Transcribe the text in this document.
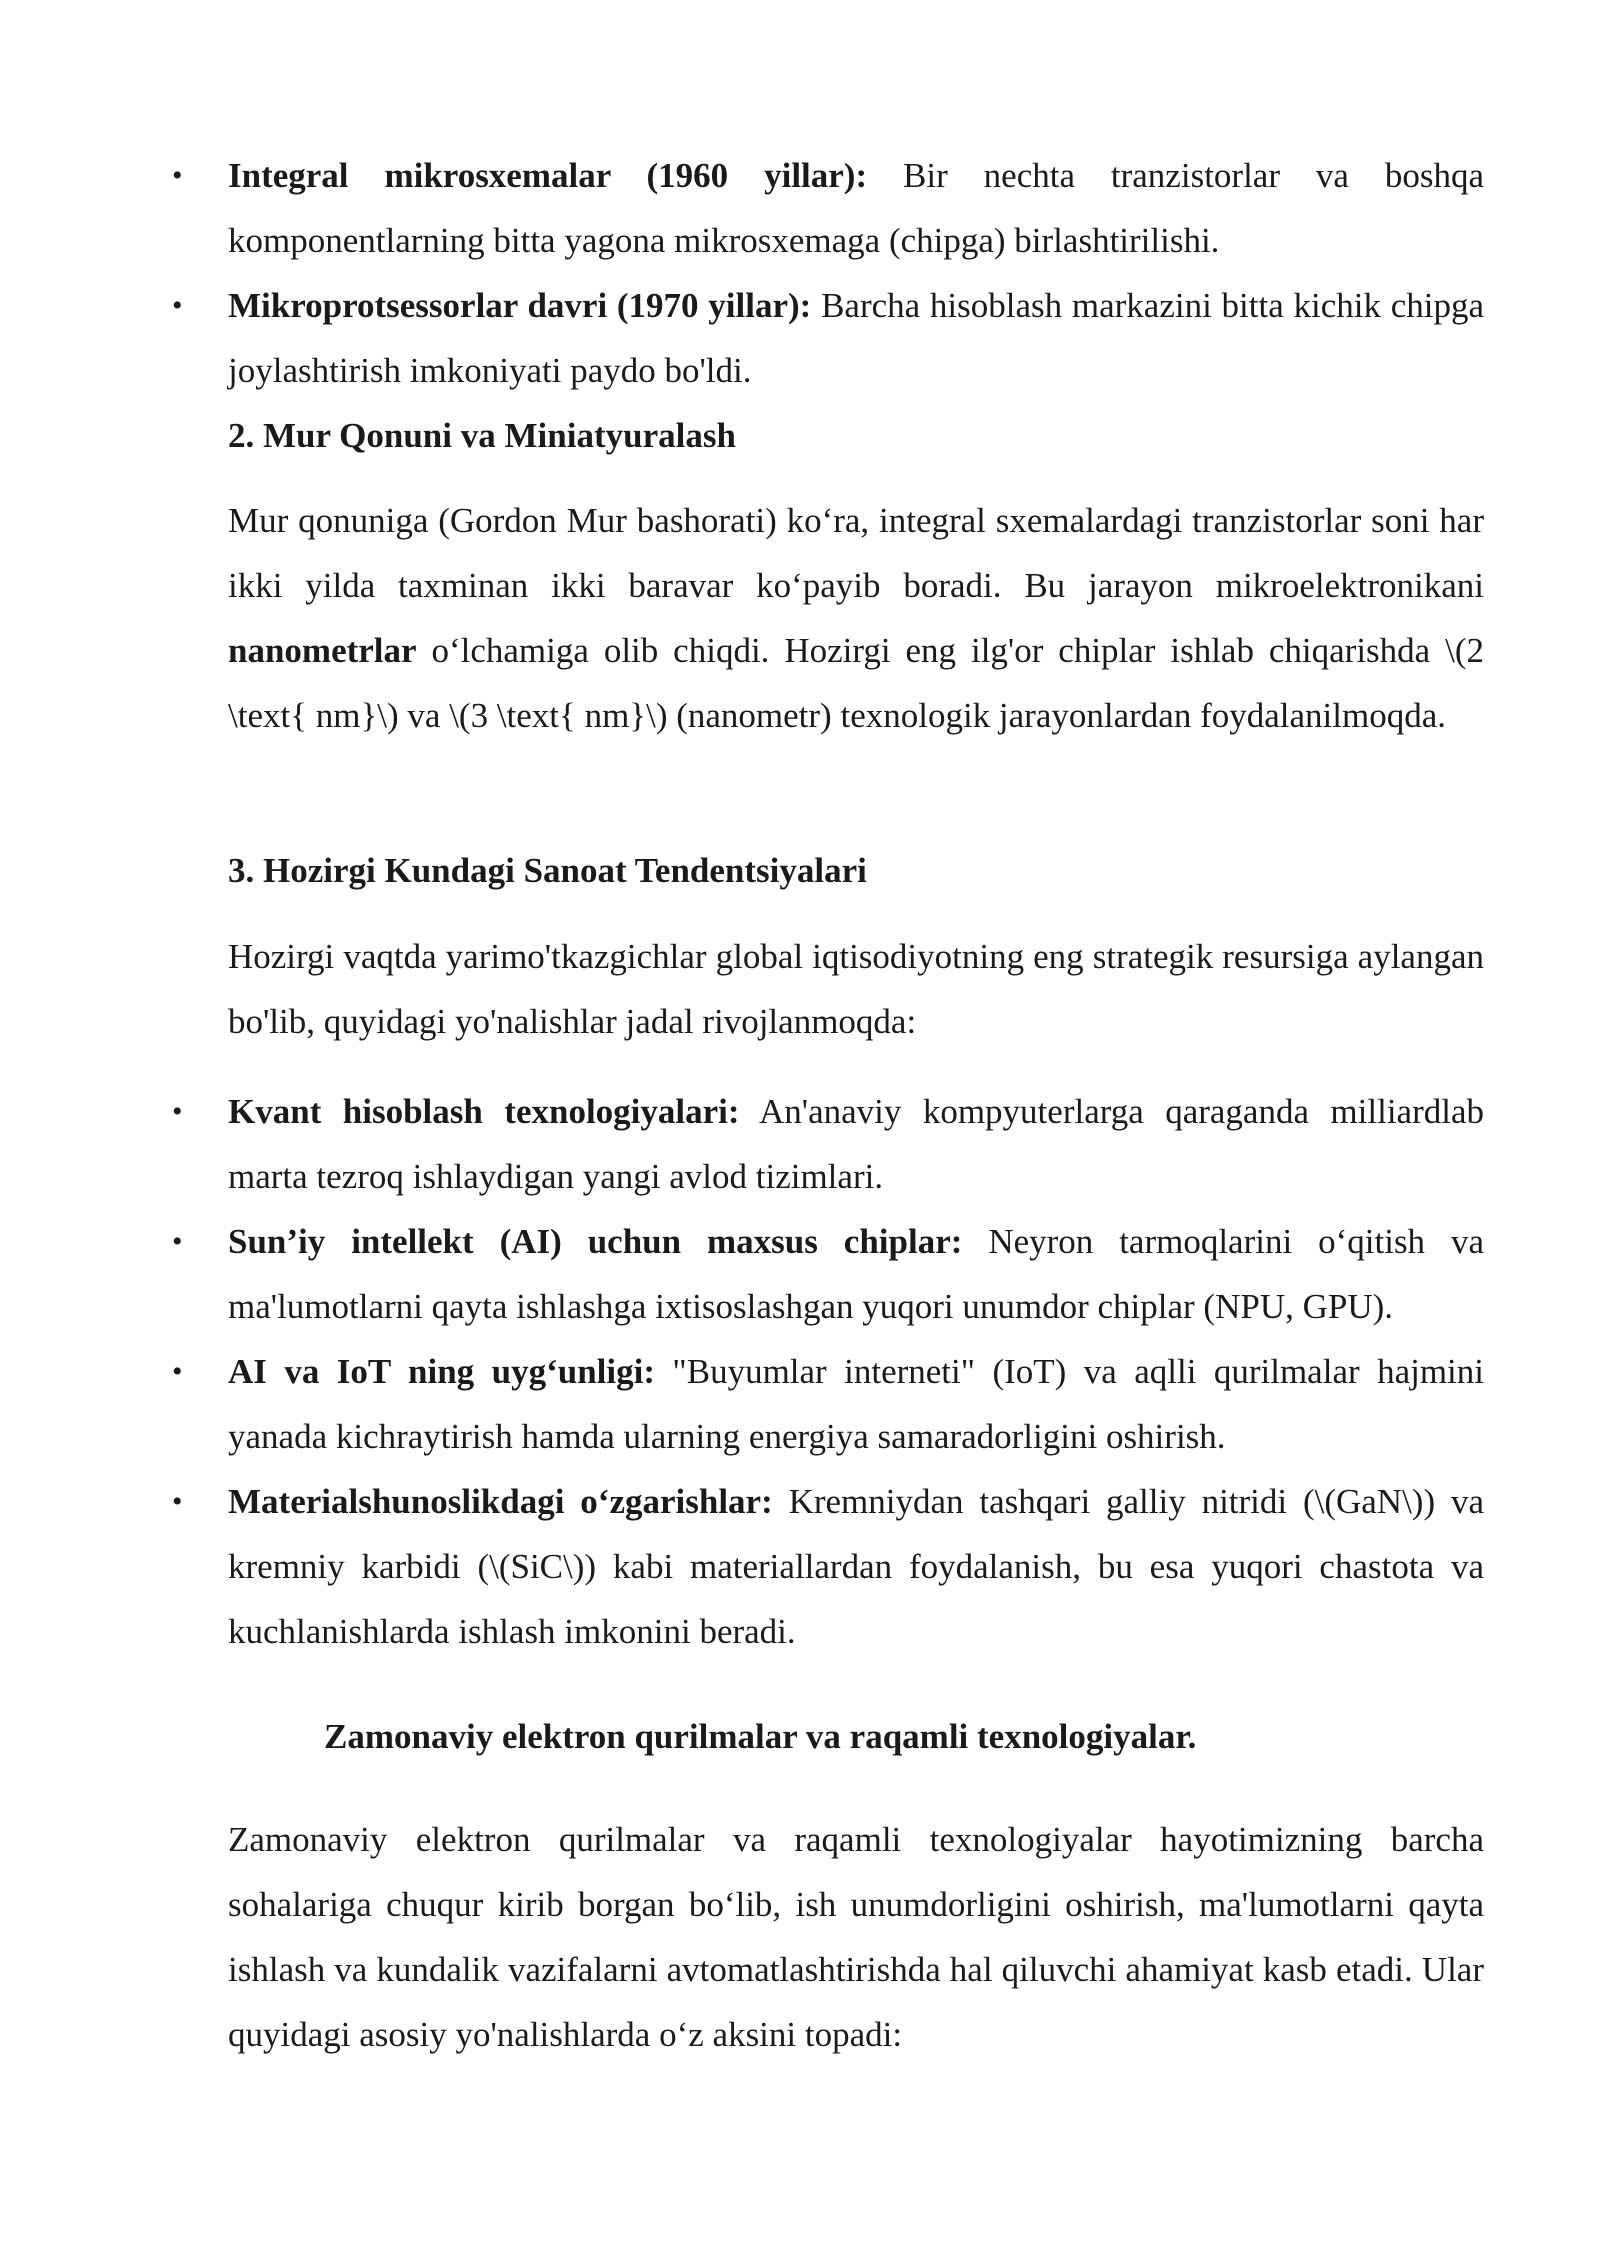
• Integral mikrosxemalar (1960 yillar): Bir nechta tranzistorlar va boshqa komponentlarning bitta yagona mikrosxemaga (chipga) birlashtirilishi.

• Mikroprotsessorlar davri (1970 yillar): Barcha hisoblash markazini bitta kichik chipga joylashtirish imkoniyati paydo bo'ldi.

2. Mur Qonuni va Miniatyuralash

Mur qonuniga (Gordon Mur bashorati) ko‘ra, integral sxemalardagi tranzistorlar soni har ikki yilda taxminan ikki baravar ko‘payib boradi. Bu jarayon mikroelektronikani nanometrlar o‘lchamiga olib chiqdi. Hozirgi eng ilg'or chiplar ishlab chiqarishda \(2 \text{ nm}\) va \(3 \text{ nm}\) (nanometr) texnologik jarayonlardan foydalanilmoqda.

3. Hozirgi Kundagi Sanoat Tendentsiyalari

Hozirgi vaqtda yarimo'tkazgichlar global iqtisodiyotning eng strategik resursiga aylangan bo'lib, quyidagi yo'nalishlar jadal rivojlanmoqda:

• Kvant hisoblash texnologiyalari: An'anaviy kompyuterlarga qaraganda milliardlab marta tezroq ishlaydigan yangi avlod tizimlari.

• Sun’iy intellekt (AI) uchun maxsus chiplar: Neyron tarmoqlarini o‘qitish va ma'lumotlarni qayta ishlashga ixtisoslashgan yuqori unumdor chiplar (NPU, GPU).

• AI va IoT ning uyg‘unligi: "Buyumlar interneti" (IoT) va aqlli qurilmalar hajmini yanada kichraytirish hamda ularning energiya samaradorligini oshirish.

• Materialshunoslikdagi o‘zgarishlar: Kremniydan tashqari galliy nitridi (\(GaN\)) va kremniy karbidi (\(SiC\)) kabi materiallardan foydalanish, bu esa yuqori chastota va kuchlanishlarda ishlash imkonini beradi.

Zamonaviy elektron qurilmalar va raqamli texnologiyalar.

Zamonaviy elektron qurilmalar va raqamli texnologiyalar hayotimizning barcha sohalariga chuqur kirib borgan bo‘lib, ish unumdorligini oshirish, ma'lumotlarni qayta ishlash va kundalik vazifalarni avtomatlashtirishda hal qiluvchi ahamiyat kasb etadi. Ular quyidagi asosiy yo'nalishlarda o‘z aksini topadi:
